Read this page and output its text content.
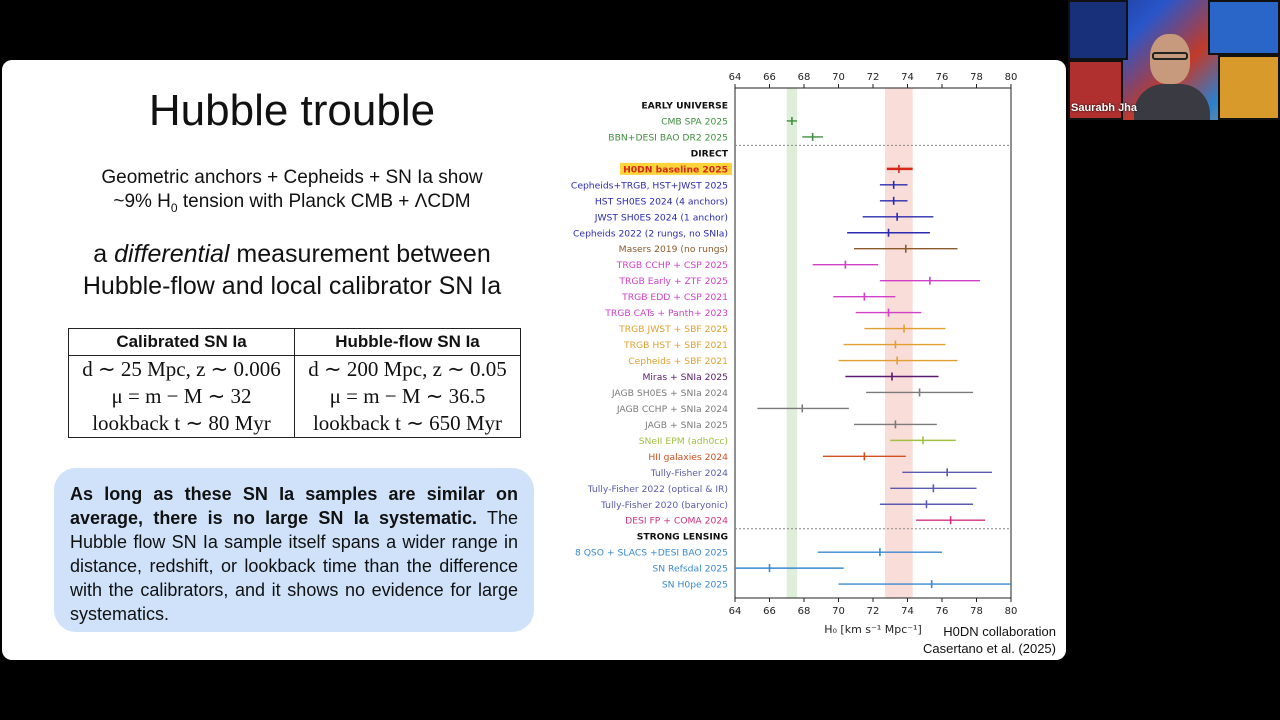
Hubble trouble
Geometric anchors + Cepheids + SN Ia show
~9% $H_0$ tension with Planck CMB + ΛCDM
a differential measurement between
Hubble-flow and local calibrator SN Ia
Calibrated SN Ia	Hubble-flow SN Ia
d ∼ 25 Mpc, z ∼ 0.006	d ∼ 200 Mpc, z ∼ 0.05
μ = m − M ∼ 32	μ = m − M ∼ 36.5
lookback t ∼ 80 Myr	lookback t ∼ 650 Myr
As long as these SN Ia samples are similar on average, there is no large SN Ia systematic. The Hubble flow SN Ia sample itself spans a wider range in distance, redshift, or lookback time than the difference with the calibrators, and it shows no evidence for large systematics.
64
64
66
66
68
68
70
70
72
72
74
74
76
76
78
78
80
80
H₀ [km s⁻¹ Mpc⁻¹]
EARLY UNIVERSE
CMB SPA 2025
BBN+DESI BAO DR2 2025
DIRECT
H0DN baseline 2025
Cepheids+TRGB, HST+JWST 2025
HST SH0ES 2024 (4 anchors)
JWST SH0ES 2024 (1 anchor)
Cepheids 2022 (2 rungs, no SNIa)
Masers 2019 (no rungs)
TRGB CCHP + CSP 2025
TRGB Early + ZTF 2025
TRGB EDD + CSP 2021
TRGB CATs + Panth+ 2023
TRGB JWST + SBF 2025
TRGB HST + SBF 2021
Cepheids + SBF 2021
Miras + SNIa 2025
JAGB SH0ES + SNIa 2024
JAGB CCHP + SNIa 2024
JAGB + SNIa 2025
SNeII EPM (adh0cc)
HII galaxies 2024
Tully-Fisher 2024
Tully-Fisher 2022 (optical & IR)
Tully-Fisher 2020 (baryonic)
DESI FP + COMA 2024
STRONG LENSING
8 QSO + SLACS +DESI BAO 2025
SN Refsdal 2025
SN H0pe 2025
H0DN collaboration
Casertano et al. (2025)
Saurabh Jha
